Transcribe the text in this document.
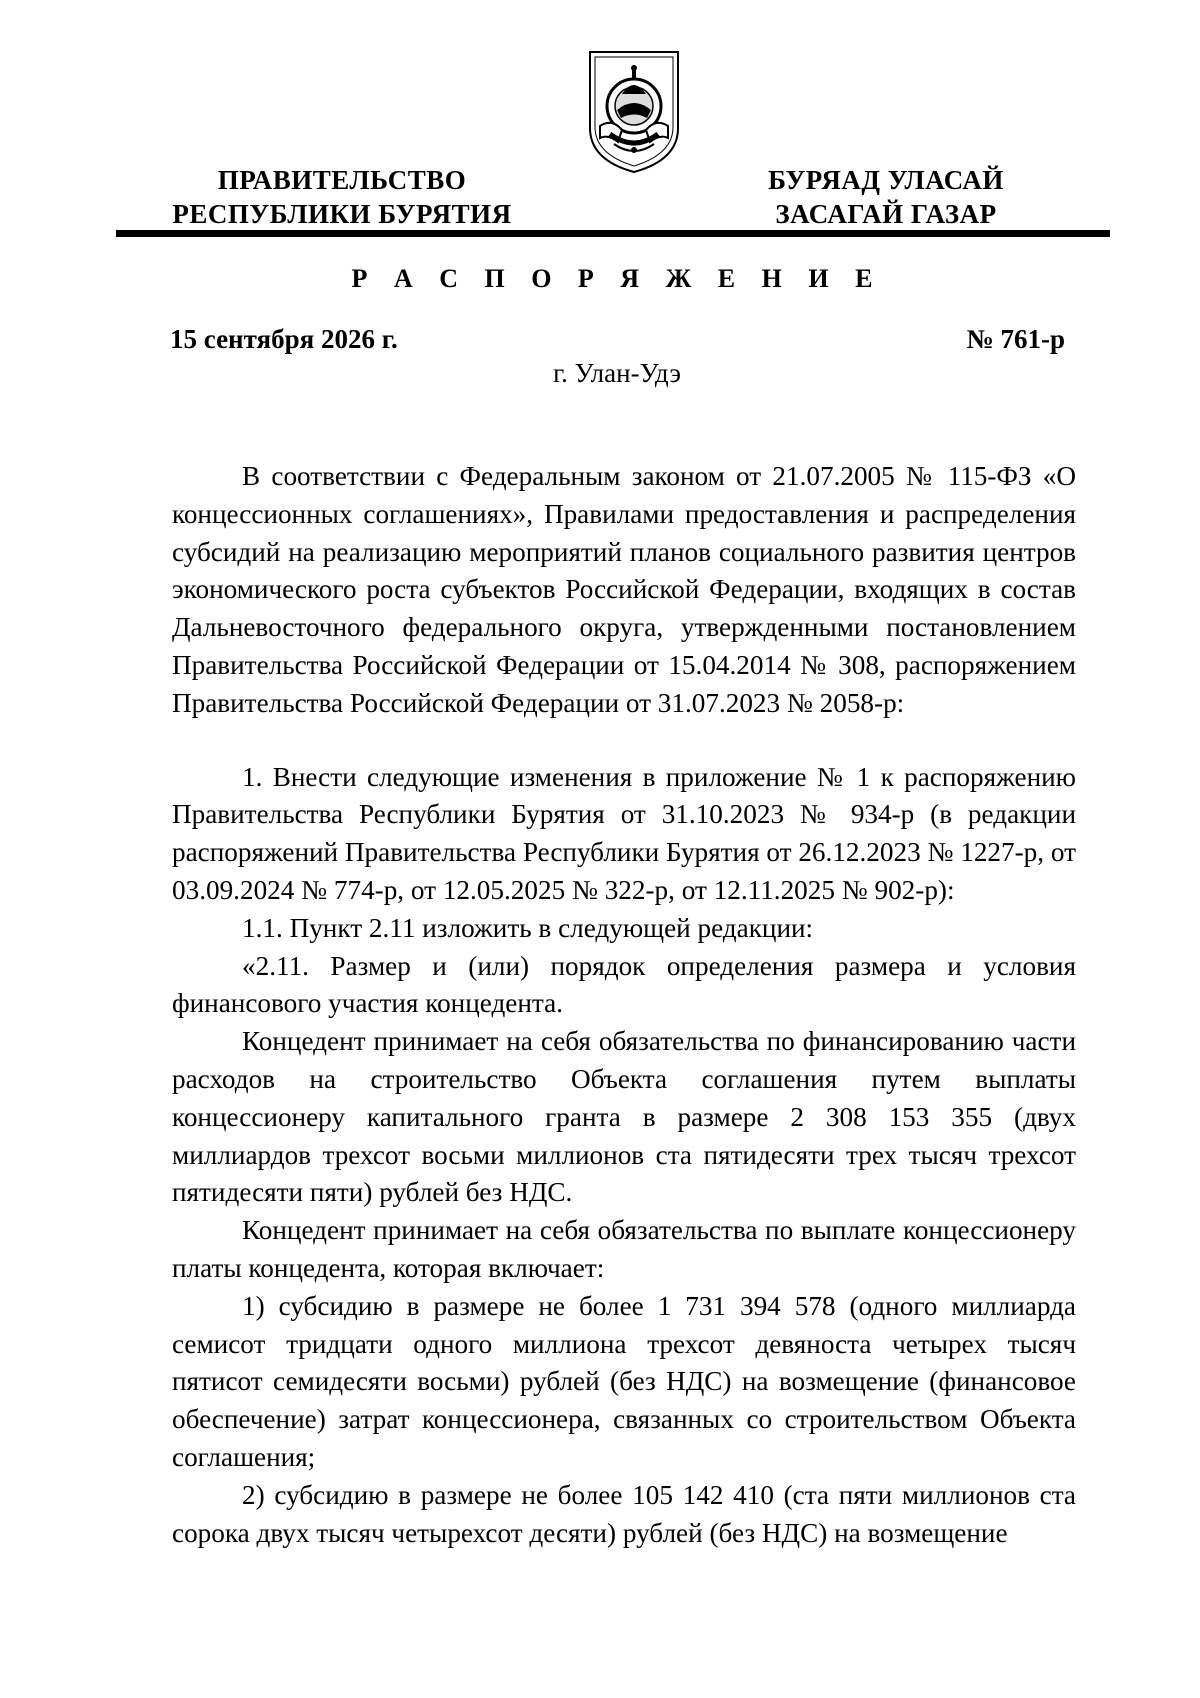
ПРАВИТЕЛЬСТВО
РЕСПУБЛИКИ БУРЯТИЯ
БУРЯАД УЛАСАЙ
ЗАСАГАЙ ГАЗАР
Р А С П О Р Я Ж Е Н И Е
15 сентября 2026 г.	№ 761-р
г. Улан-Удэ

В соответствии с Федеральным законом от 21.07.2005 № 115-ФЗ «О концессионных соглашениях», Правилами предоставления и распределения субсидий на реализацию мероприятий планов социального развития центров экономического роста субъектов Российской Федерации, входящих в состав Дальневосточного федерального округа, утвержденными постановлением Правительства Российской Федерации от 15.04.2014 № 308, распоряжением Правительства Российской Федерации от 31.07.2023 № 2058-р:

1. Внести следующие изменения в приложение № 1 к распоряжению Правительства Республики Бурятия от 31.10.2023 № 934-р (в редакции распоряжений Правительства Республики Бурятия от 26.12.2023 № 1227-р, от 03.09.2024 № 774-р, от 12.05.2025 № 322-р, от 12.11.2025 № 902-р):

1.1. Пункт 2.11 изложить в следующей редакции:

«2.11. Размер и (или) порядок определения размера и условия финансового участия концедента.

Концедент принимает на себя обязательства по финансированию части расходов на строительство Объекта соглашения путем выплаты концессионеру капитального гранта в размере 2 308 153 355 (двух миллиардов трехсот восьми миллионов ста пятидесяти трех тысяч трехсот пятидесяти пяти) рублей без НДС.

Концедент принимает на себя обязательства по выплате концессионеру платы концедента, которая включает:

1) субсидию в размере не более 1 731 394 578 (одного миллиарда семисот тридцати одного миллиона трехсот девяноста четырех тысяч пятисот семидесяти восьми) рублей (без НДС) на возмещение (финансовое обеспечение) затрат концессионера, связанных со строительством Объекта соглашения;

2) субсидию в размере не более 105 142 410 (ста пяти миллионов ста сорока двух тысяч четырехсот десяти) рублей (без НДС) на возмещение
